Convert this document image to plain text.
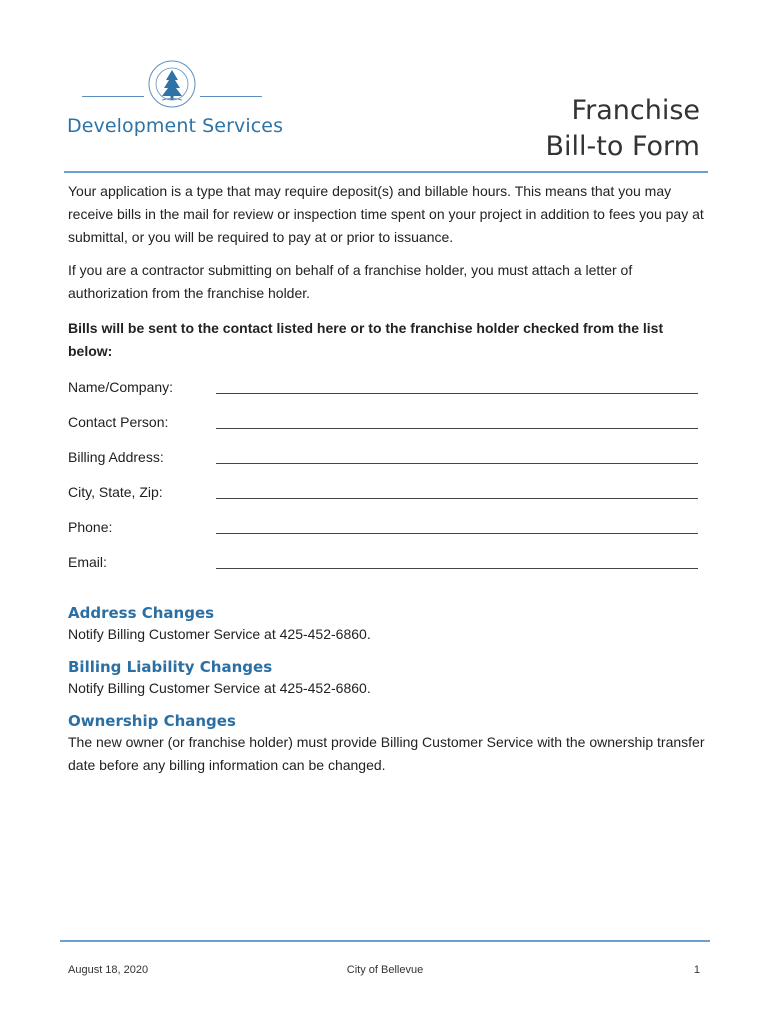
Development Services	Franchise
Bill-to Form
Your application is a type that may require deposit(s) and billable hours. This means that you may receive bills in the mail for review or inspection time spent on your project in addition to fees you pay at submittal, or you will be required to pay at or prior to issuance.
If you are a contractor submitting on behalf of a franchise holder, you must attach a letter of authorization from the franchise holder.
Bills will be sent to the contact listed here or to the franchise holder checked from the list below:
Name/Company:
Contact Person:
Billing Address:
City, State, Zip:
Phone:
Email:
Address Changes
Notify Billing Customer Service at 425-452-6860.
Billing Liability Changes
Notify Billing Customer Service at 425-452-6860.
Ownership Changes
The new owner (or franchise holder) must provide Billing Customer Service with the ownership transfer date before any billing information can be changed.
August 18, 2020	City of Bellevue	1
